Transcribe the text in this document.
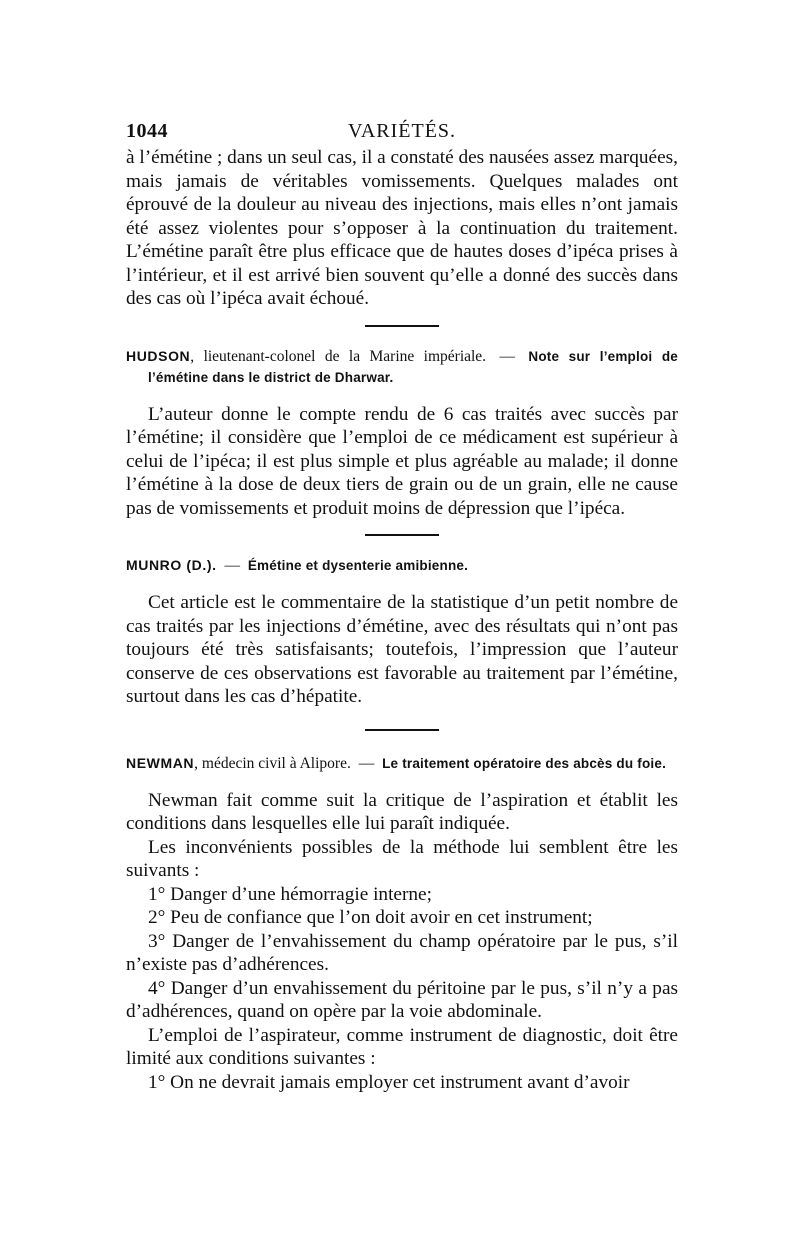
1044	VARIÉTÉS.

à l’émétine ; dans un seul cas, il a constaté des nausées assez marquées, mais jamais de véritables vomissements. Quelques malades ont éprouvé de la douleur au niveau des injections, mais elles n’ont jamais été assez violentes pour s’opposer à la continuation du traitement. L’émétine paraît être plus efficace que de hautes doses d’ipéca prises à l’intérieur, et il est arrivé bien souvent qu’elle a donné des succès dans des cas où l’ipéca avait échoué.

HUDSON, lieutenant-colonel de la Marine impériale. — Note sur l’emploi de l’émétine dans le district de Dharwar.

L’auteur donne le compte rendu de 6 cas traités avec succès par l’émétine; il considère que l’emploi de ce médicament est supérieur à celui de l’ipéca; il est plus simple et plus agréable au malade; il donne l’émétine à la dose de deux tiers de grain ou de un grain, elle ne cause pas de vomissements et produit moins de dépression que l’ipéca.

MUNRO (D.). — Émétine et dysenterie amibienne.

Cet article est le commentaire de la statistique d’un petit nombre de cas traités par les injections d’émétine, avec des résultats qui n’ont pas toujours été très satisfaisants; toutefois, l’impression que l’auteur conserve de ces observations est favorable au traitement par l’émétine, surtout dans les cas d’hépatite.

NEWMAN, médecin civil à Alipore. — Le traitement opératoire des abcès du foie.

Newman fait comme suit la critique de l’aspiration et établit les conditions dans lesquelles elle lui paraît indiquée.

Les inconvénients possibles de la méthode lui semblent être les suivants :

1° Danger d’une hémorragie interne;

2° Peu de confiance que l’on doit avoir en cet instrument;

3° Danger de l’envahissement du champ opératoire par le pus, s’il n’existe pas d’adhérences.

4° Danger d’un envahissement du péritoine par le pus, s’il n’y a pas d’adhérences, quand on opère par la voie abdominale.

L’emploi de l’aspirateur, comme instrument de diagnostic, doit être limité aux conditions suivantes :

1° On ne devrait jamais employer cet instrument avant d’avoir
